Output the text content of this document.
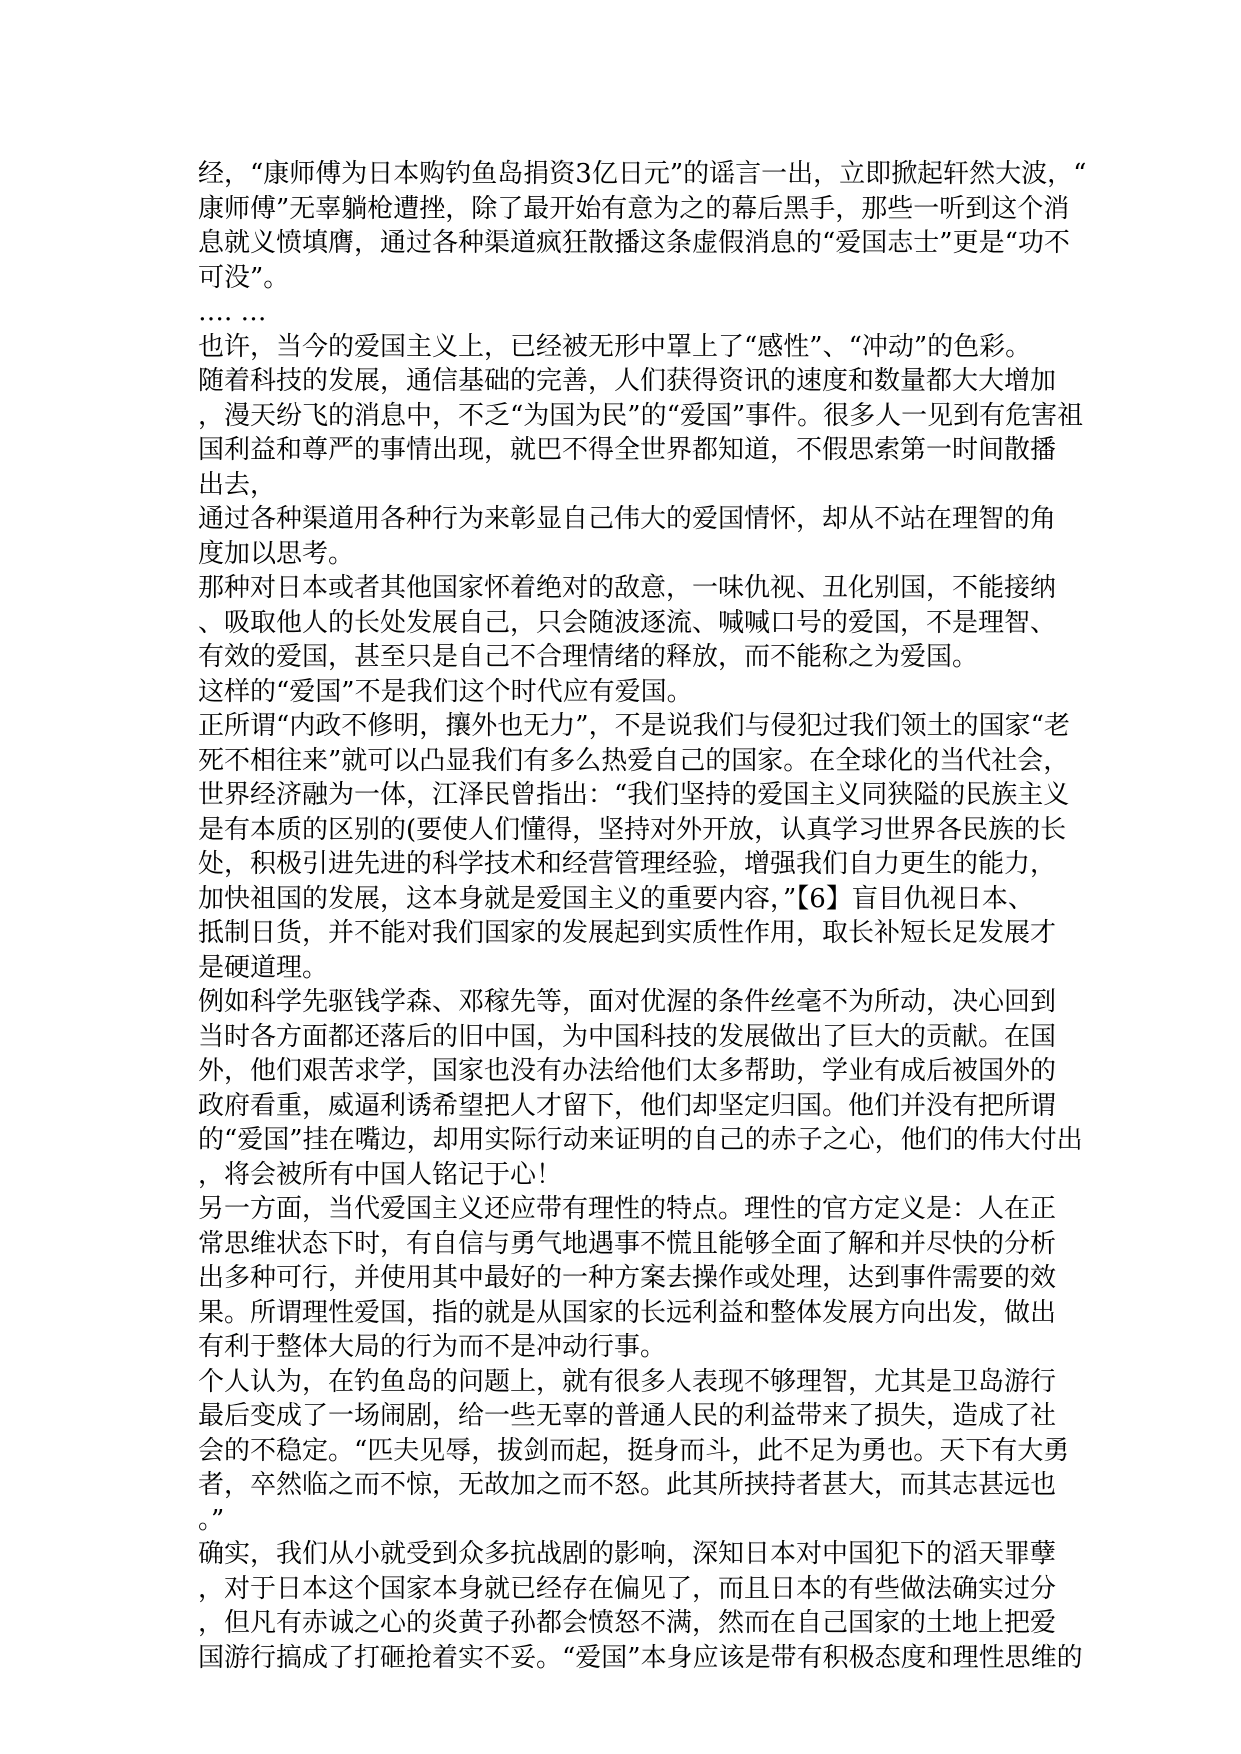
经，“康师傅为日本购钓鱼岛捐资3亿日元”的谣言一出，立即掀起轩然大波，“
康师傅”无辜躺枪遭挫，除了最开始有意为之的幕后黑手，那些一听到这个消
息就义愤填膺，通过各种渠道疯狂散播这条虚假消息的“爱国志士”更是“功不
可没”。
…. …
也许，当今的爱国主义上，已经被无形中罩上了“感性”、“冲动”的色彩。
随着科技的发展，通信基础的完善，人们获得资讯的速度和数量都大大增加
，漫天纷飞的消息中，不乏“为国为民”的“爱国”事件。很多人一见到有危害祖
国利益和尊严的事情出现，就巴不得全世界都知道，不假思索第一时间散播
出去，
通过各种渠道用各种行为来彰显自己伟大的爱国情怀，却从不站在理智的角
度加以思考。
那种对日本或者其他国家怀着绝对的敌意，一味仇视、丑化别国，不能接纳
、吸取他人的长处发展自己，只会随波逐流、喊喊口号的爱国，不是理智、
有效的爱国，甚至只是自己不合理情绪的释放，而不能称之为爱国。
这样的“爱国”不是我们这个时代应有爱国。
正所谓“内政不修明，攘外也无力”，不是说我们与侵犯过我们领土的国家“老
死不相往来”就可以凸显我们有多么热爱自己的国家。在全球化的当代社会，
世界经济融为一体，江泽民曾指出：“我们坚持的爱国主义同狭隘的民族主义
是有本质的区别的(要使人们懂得，坚持对外开放，认真学习世界各民族的长
处，积极引进先进的科学技术和经营管理经验，增强我们自力更生的能力，
加快祖国的发展，这本身就是爱国主义的重要内容，”【6】盲目仇视日本、
抵制日货，并不能对我们国家的发展起到实质性作用，取长补短长足发展才
是硬道理。
例如科学先驱钱学森、邓稼先等，面对优渥的条件丝毫不为所动，决心回到
当时各方面都还落后的旧中国，为中国科技的发展做出了巨大的贡献。在国
外，他们艰苦求学，国家也没有办法给他们太多帮助，学业有成后被国外的
政府看重，威逼利诱希望把人才留下，他们却坚定归国。他们并没有把所谓
的“爱国”挂在嘴边，却用实际行动来证明的自己的赤子之心，他们的伟大付出
，将会被所有中国人铭记于心！
另一方面，当代爱国主义还应带有理性的特点。理性的官方定义是：人在正
常思维状态下时，有自信与勇气地遇事不慌且能够全面了解和并尽快的分析
出多种可行，并使用其中最好的一种方案去操作或处理，达到事件需要的效
果。所谓理性爱国，指的就是从国家的长远利益和整体发展方向出发，做出
有利于整体大局的行为而不是冲动行事。
个人认为，在钓鱼岛的问题上，就有很多人表现不够理智，尤其是卫岛游行
最后变成了一场闹剧，给一些无辜的普通人民的利益带来了损失，造成了社
会的不稳定。“匹夫见辱，拔剑而起，挺身而斗，此不足为勇也。天下有大勇
者，卒然临之而不惊，无故加之而不怒。此其所挟持者甚大，而其志甚远也
。”
确实，我们从小就受到众多抗战剧的影响，深知日本对中国犯下的滔天罪孽
，对于日本这个国家本身就已经存在偏见了，而且日本的有些做法确实过分
，但凡有赤诚之心的炎黄子孙都会愤怒不满，然而在自己国家的土地上把爱
国游行搞成了打砸抢着实不妥。“爱国”本身应该是带有积极态度和理性思维的
